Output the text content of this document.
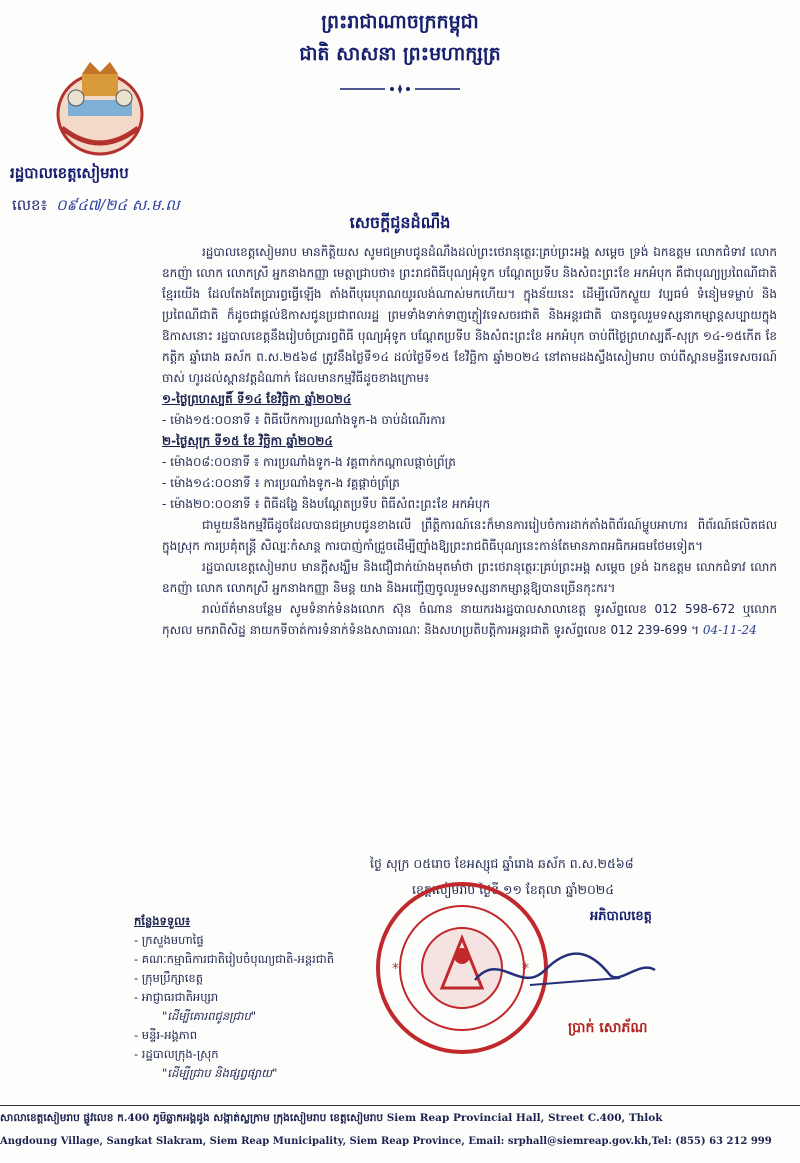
ព្រះរាជាណាចក្រកម្ពុជា
ជាតិ សាសនា ព្រះមហាក្សត្រ
រដ្ឋបាលខេត្តសៀមរាប
លេខ៖ ០៩៤៧/២៤ ស.ម.ល
សេចក្តីជូនដំណឹង

រដ្ឋបាលខេត្តសៀមរាប មានកិត្តិយស សូមជម្រាបជូនដំណឹងដល់ព្រះថេរានុត្ថេរៈគ្រប់ព្រះអង្គ សម្តេច ទ្រង់ ឯកឧត្តម លោកជំទាវ លោកឧកញ៉ា លោក លោកស្រី អ្នកនាងកញ្ញា មេត្តាជ្រាបថា៖ ព្រះរាជពិធីបុណ្យអុំទូក បណ្តែតប្រទីប និងសំពះព្រះខែ អកអំបុក គឺជាបុណ្យប្រពៃណីជាតិខ្មែរយើង ដែលតែងតែប្រារព្ធធ្វើឡើង តាំងពីបុរេបុរាណយូរលង់ណាស់មកហើយ។ ក្នុងន័យនេះ ដើម្បីលើកស្ទួយ វប្បធម៌ ទំនៀមទម្លាប់ និងប្រពៃណីជាតិ ក៏ដូចជាផ្តល់ឱកាសជូនប្រជាពលរដ្ឋ ព្រមទាំងទាក់ទាញភ្ញៀវទេសចរជាតិ និងអន្តរជាតិ បានចូលរួមទស្សនាកម្សាន្តសប្បាយក្នុងឱកាសនោះ រដ្ឋបាលខេត្តនឹងរៀបចំប្រារព្ធពិធី បុណ្យអុំទូក បណ្តែតប្រទីប និងសំពះព្រះខែ អកអំបុក ចាប់ពីថ្ងៃព្រហស្បតិ៍-សុក្រ ១៤-១៥កើត ខែកត្តិក ឆ្នាំរោង ឆស័ក ព.ស.២៥៦៨ ត្រូវនឹងថ្ងៃទី១៤ ដល់ថ្ងៃទី១៥ ខែវិច្ឆិកា ឆ្នាំ២០២៤ នៅតាមដងស្ទឹងសៀមរាប ចាប់ពីស្ពានមន្ទីរទេសចរណ៍ចាស់ ហូរដល់ស្ពានវត្តដំណាក់ ដែលមានកម្មវិធីដូចខាងក្រោម៖

១-ថ្ងៃព្រហស្បតិ៍ ទី១៤ ខែវិច្ឆិកា ឆ្នាំ២០២៤

- ម៉ោង១៥:០០នាទី ៖ ពិធីបើកការប្រណាំងទូក-ង ចាប់ដំណើរការ

២-ថ្ងៃសុក្រ ទី១៥ ខែ វិច្ឆិកា ឆ្នាំ២០២៤

- ម៉ោង០៨:០០នាទី ៖ ការប្រណាំងទូក-ង វគ្គពាក់កណ្តាលផ្តាច់ព្រ័ត្រ

- ម៉ោង១៤:០០នាទី ៖ ការប្រណាំងទូក-ង វគ្គផ្តាច់ព្រ័ត្រ

- ម៉ោង២០:០០នាទី ៖ ពិធីដង្ហែ និងបណ្តែតប្រទីប ពិធីសំពះព្រះខែ អកអំបុក

ជាមួយនឹងកម្មវិធីដូចដែលបានជម្រាបជូនខាងលើ ព្រឹត្តិការណ៍នេះក៏មានការរៀបចំការដាក់តាំងពិព័រណ៍ម្ហូបអាហារ ពិព័រណ៍ផលិតផលក្នុងស្រុក ការប្រគុំតន្ត្រី សិល្បៈកំសាន្ត ការបាញ់កាំជ្រួចដើម្បីញ៉ាំងឱ្យព្រះរាជពិធីបុណ្យនេះកាន់តែមានភាពអធិកអធមថែមទៀត។

រដ្ឋបាលខេត្តសៀមរាប មានក្តីសង្ឃឹម និងជឿជាក់យ៉ាងមុតមាំថា ព្រះថេរានុត្ថេរៈគ្រប់ព្រះអង្គ សម្តេច ទ្រង់ ឯកឧត្តម លោកជំទាវ លោកឧកញ៉ា លោក លោកស្រី អ្នកនាងកញ្ញា និមន្ត យាង និងអញ្ជើញចូលរួមទស្សនាកម្សាន្តឱ្យបានច្រើនកុះករ។

រាល់ព័ត៌មានបន្ថែម សូមទំនាក់ទំនងលោក ស៊ុន ចំណាន នាយករងរដ្ឋបាលសាលាខេត្ត ទូរស័ព្ទលេខ 012 598-672 ឬលោក កុសល មករាពិសិដ្ឋ នាយកទីចាត់ការទំនាក់ទំនងសាធារណៈ និងសហប្រតិបត្តិការអន្តរជាតិ ទូរស័ព្ទលេខ 012 239-699 ។ 04-11-24

ថ្ងៃ សុក្រ ០៥រោច ខែអស្សុជ ឆ្នាំរោង ឆស័ក ព.ស.២៥៦៨
ខេត្តសៀមរាប ថ្ងៃទី ១១ ខែតុលា ឆ្នាំ២០២៤
អភិបាលខេត្ត
កន្លែងទទួល៖
- ក្រសួងមហាផ្ទៃ
- គណៈកម្មាធិការជាតិរៀបចំបុណ្យជាតិ-អន្តរជាតិ
- ក្រុមប្រឹក្សាខេត្ត
- អាជ្ញាធរជាតិអប្សរា
"ដើម្បីគោរពជូនជ្រាប"
- មន្ទីរ-អង្គភាព
- រដ្ឋបាលក្រុង-ស្រុក
"ដើម្បីជ្រាប និងផ្សព្វផ្សាយ"
*	*
ប្រាក់ សោភ័ណ
សាលាខេត្តសៀមរាប ផ្លូវលេខ ក.400 ភូមិឆ្លាកអង្គដូង សង្កាត់ស្លក្រាម ក្រុងសៀមរាប ខេត្តសៀមរាប Siem Reap Provincial Hall, Street C.400, Thlok
Angdoung Village, Sangkat Slakram, Siem Reap Municipality, Siem Reap Province, Email: srphall@siemreap.gov.kh,Tel: (855) 63 212 999
